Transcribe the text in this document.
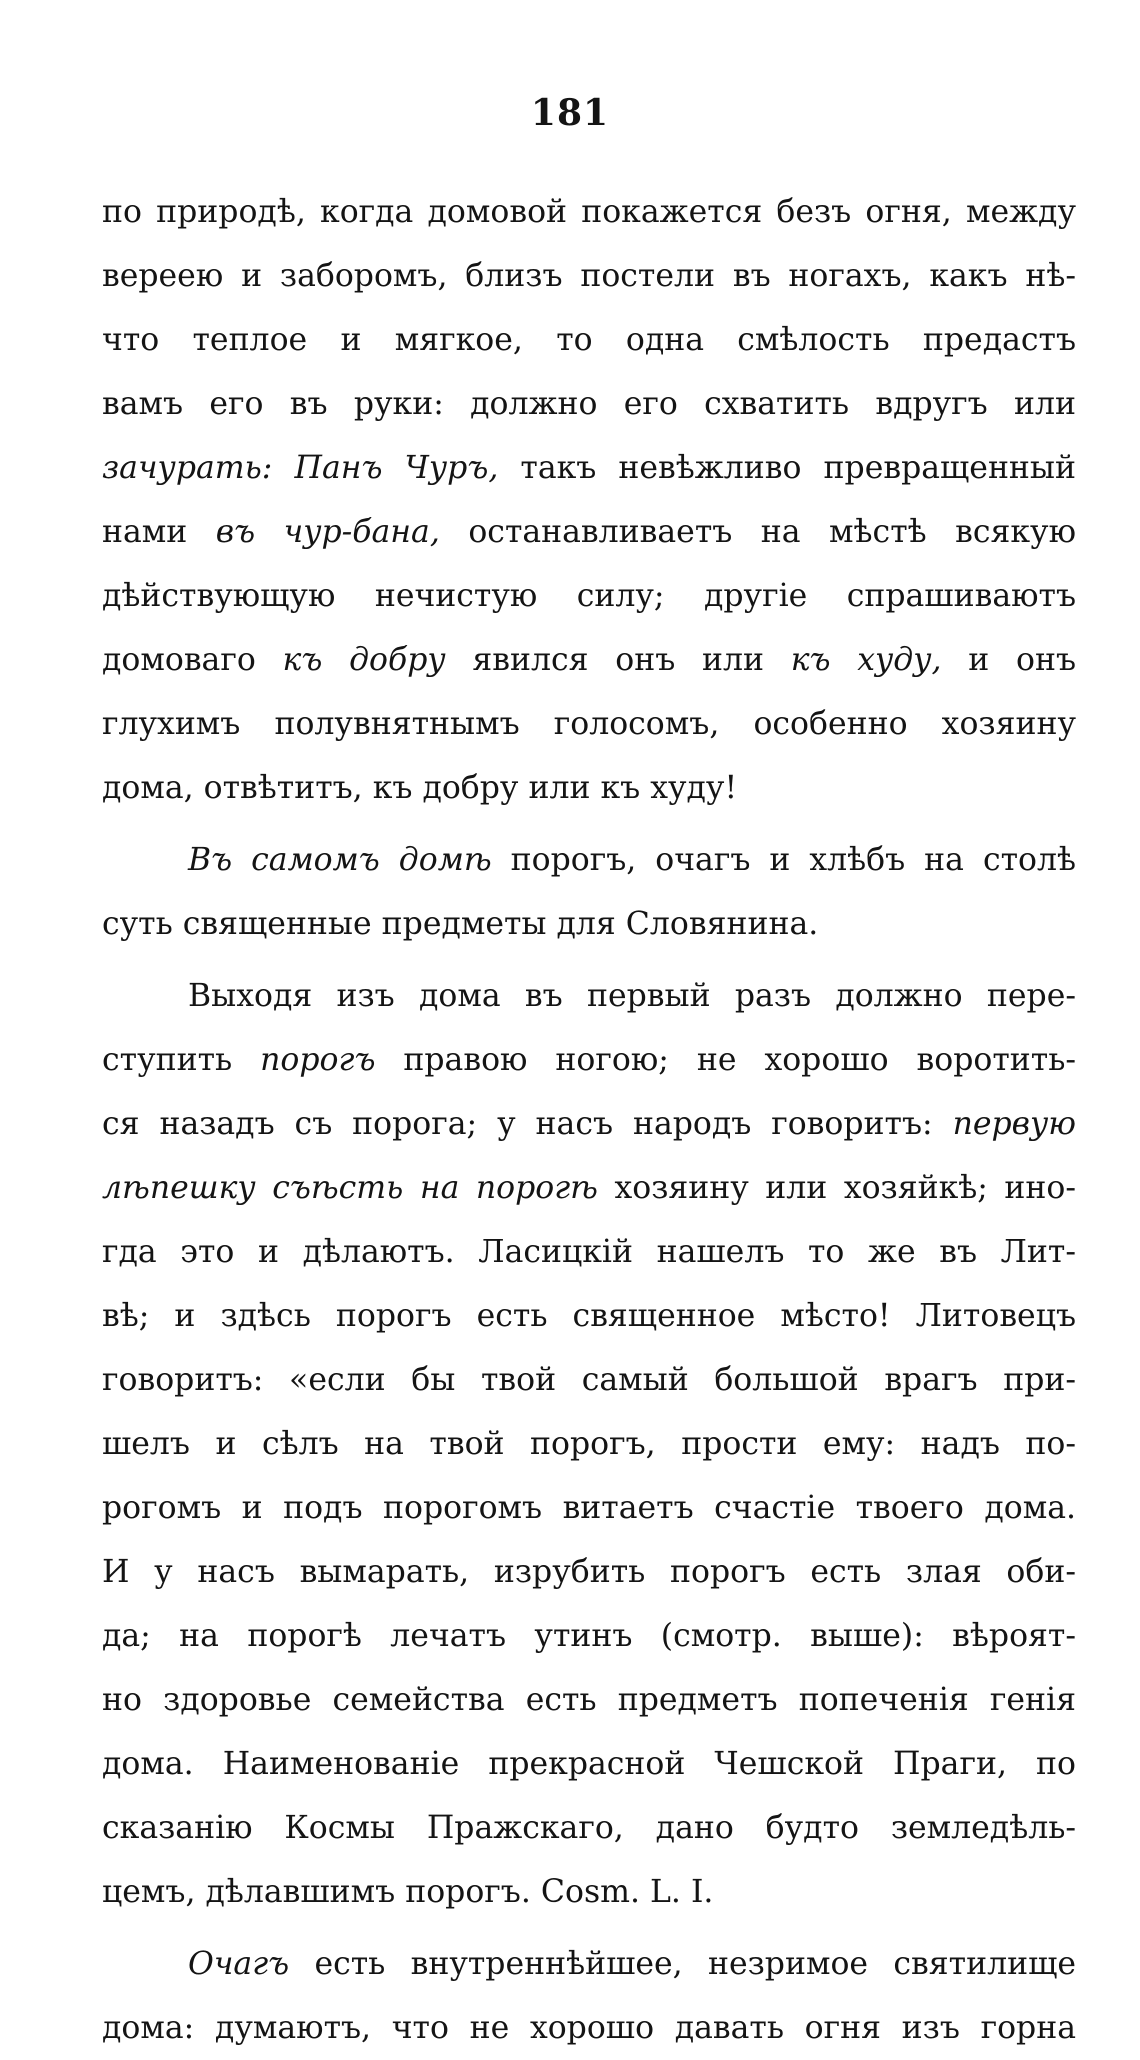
181
по природѣ, когда домовой покажется безъ огня, между
вереею и заборомъ, близъ постели въ ногахъ, какъ нѣ-
что теплое и мягкое, то одна смѣлость предастъ
вамъ его въ руки: должно его схватить вдругъ или
зачурать: Панъ Чуръ, такъ невѣжливо превращенный
нами въ чур-бана, останавливаетъ на мѣстѣ всякую
дѣйствующую нечистую силу; другіе спрашиваютъ
домоваго къ добру явился онъ или къ худу, и онъ
глухимъ полувнятнымъ голосомъ, особенно хозяину
дома, отвѣтитъ, къ добру или къ худу!
Въ самомъ домѣ порогъ, очагъ и хлѣбъ на столѣ
суть священные предметы для Словянина.
Выходя изъ дома въ первый разъ должно пере-
ступить порогъ правою ногою; не хорошо воротить-
ся назадъ съ порога; у насъ народъ говоритъ: первую
лѣпешку съѣсть на порогѣ хозяину или хозяйкѣ; ино-
гда это и дѣлаютъ. Ласицкій нашелъ то же въ Лит-
вѣ; и здѣсь порогъ есть священное мѣсто! Литовецъ
говоритъ: «если бы твой самый большой врагъ при-
шелъ и сѣлъ на твой порогъ, прости ему: надъ по-
рогомъ и подъ порогомъ витаетъ счастіе твоего дома.
И у насъ вымарать, изрубить порогъ есть злая оби-
да; на порогѣ лечатъ утинъ (смотр. выше): вѣроят-
но здоровье семейства есть предметъ попеченія генія
дома. Наименованіе прекрасной Чешской Праги, по
сказанію Космы Пражскаго, дано будто земледѣль-
цемъ, дѣлавшимъ порогъ. Cosm. L. I.
Очагъ есть внутреннѣйшее, незримое святилище
дома: думаютъ, что не хорошо давать огня изъ горна
